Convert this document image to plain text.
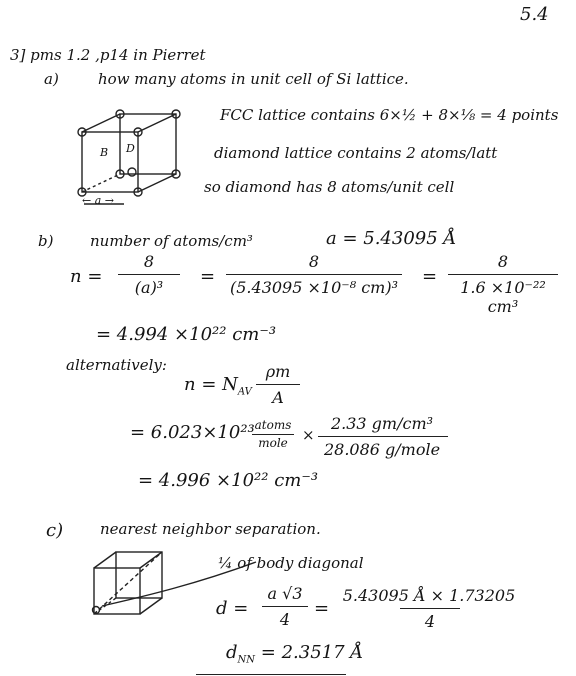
5.4
3] pms 1.2 ,p14 in Pierret
a)	how many atoms in unit cell of Si lattice.
B D
← a →
FCC lattice contains 6×½ + 8×⅛ = 4 points
diamond lattice contains 2 atoms/latt
so diamond has 8 atoms/unit cell
b) number of atoms/cm³	a = 5.43095 Å
n =
8
(a)³
=
8
(5.43095 ×10⁻⁸ cm)³
=
8
1.6 ×10⁻²² cm³
= 4.994 ×10²² cm⁻³
alternatively:
$n = N_{AV}$
ρm
A
= 6.023×10²³ atoms
mole ×
2.33 gm/cm³
28.086 g/mole
= 4.996 ×10²² cm⁻³
c) nearest neighbor separation.
¼ of body diagonal
d =
a √3
4
=
5.43095 Å × 1.73205
4
$d_{NN} = 2.3517$ Å
